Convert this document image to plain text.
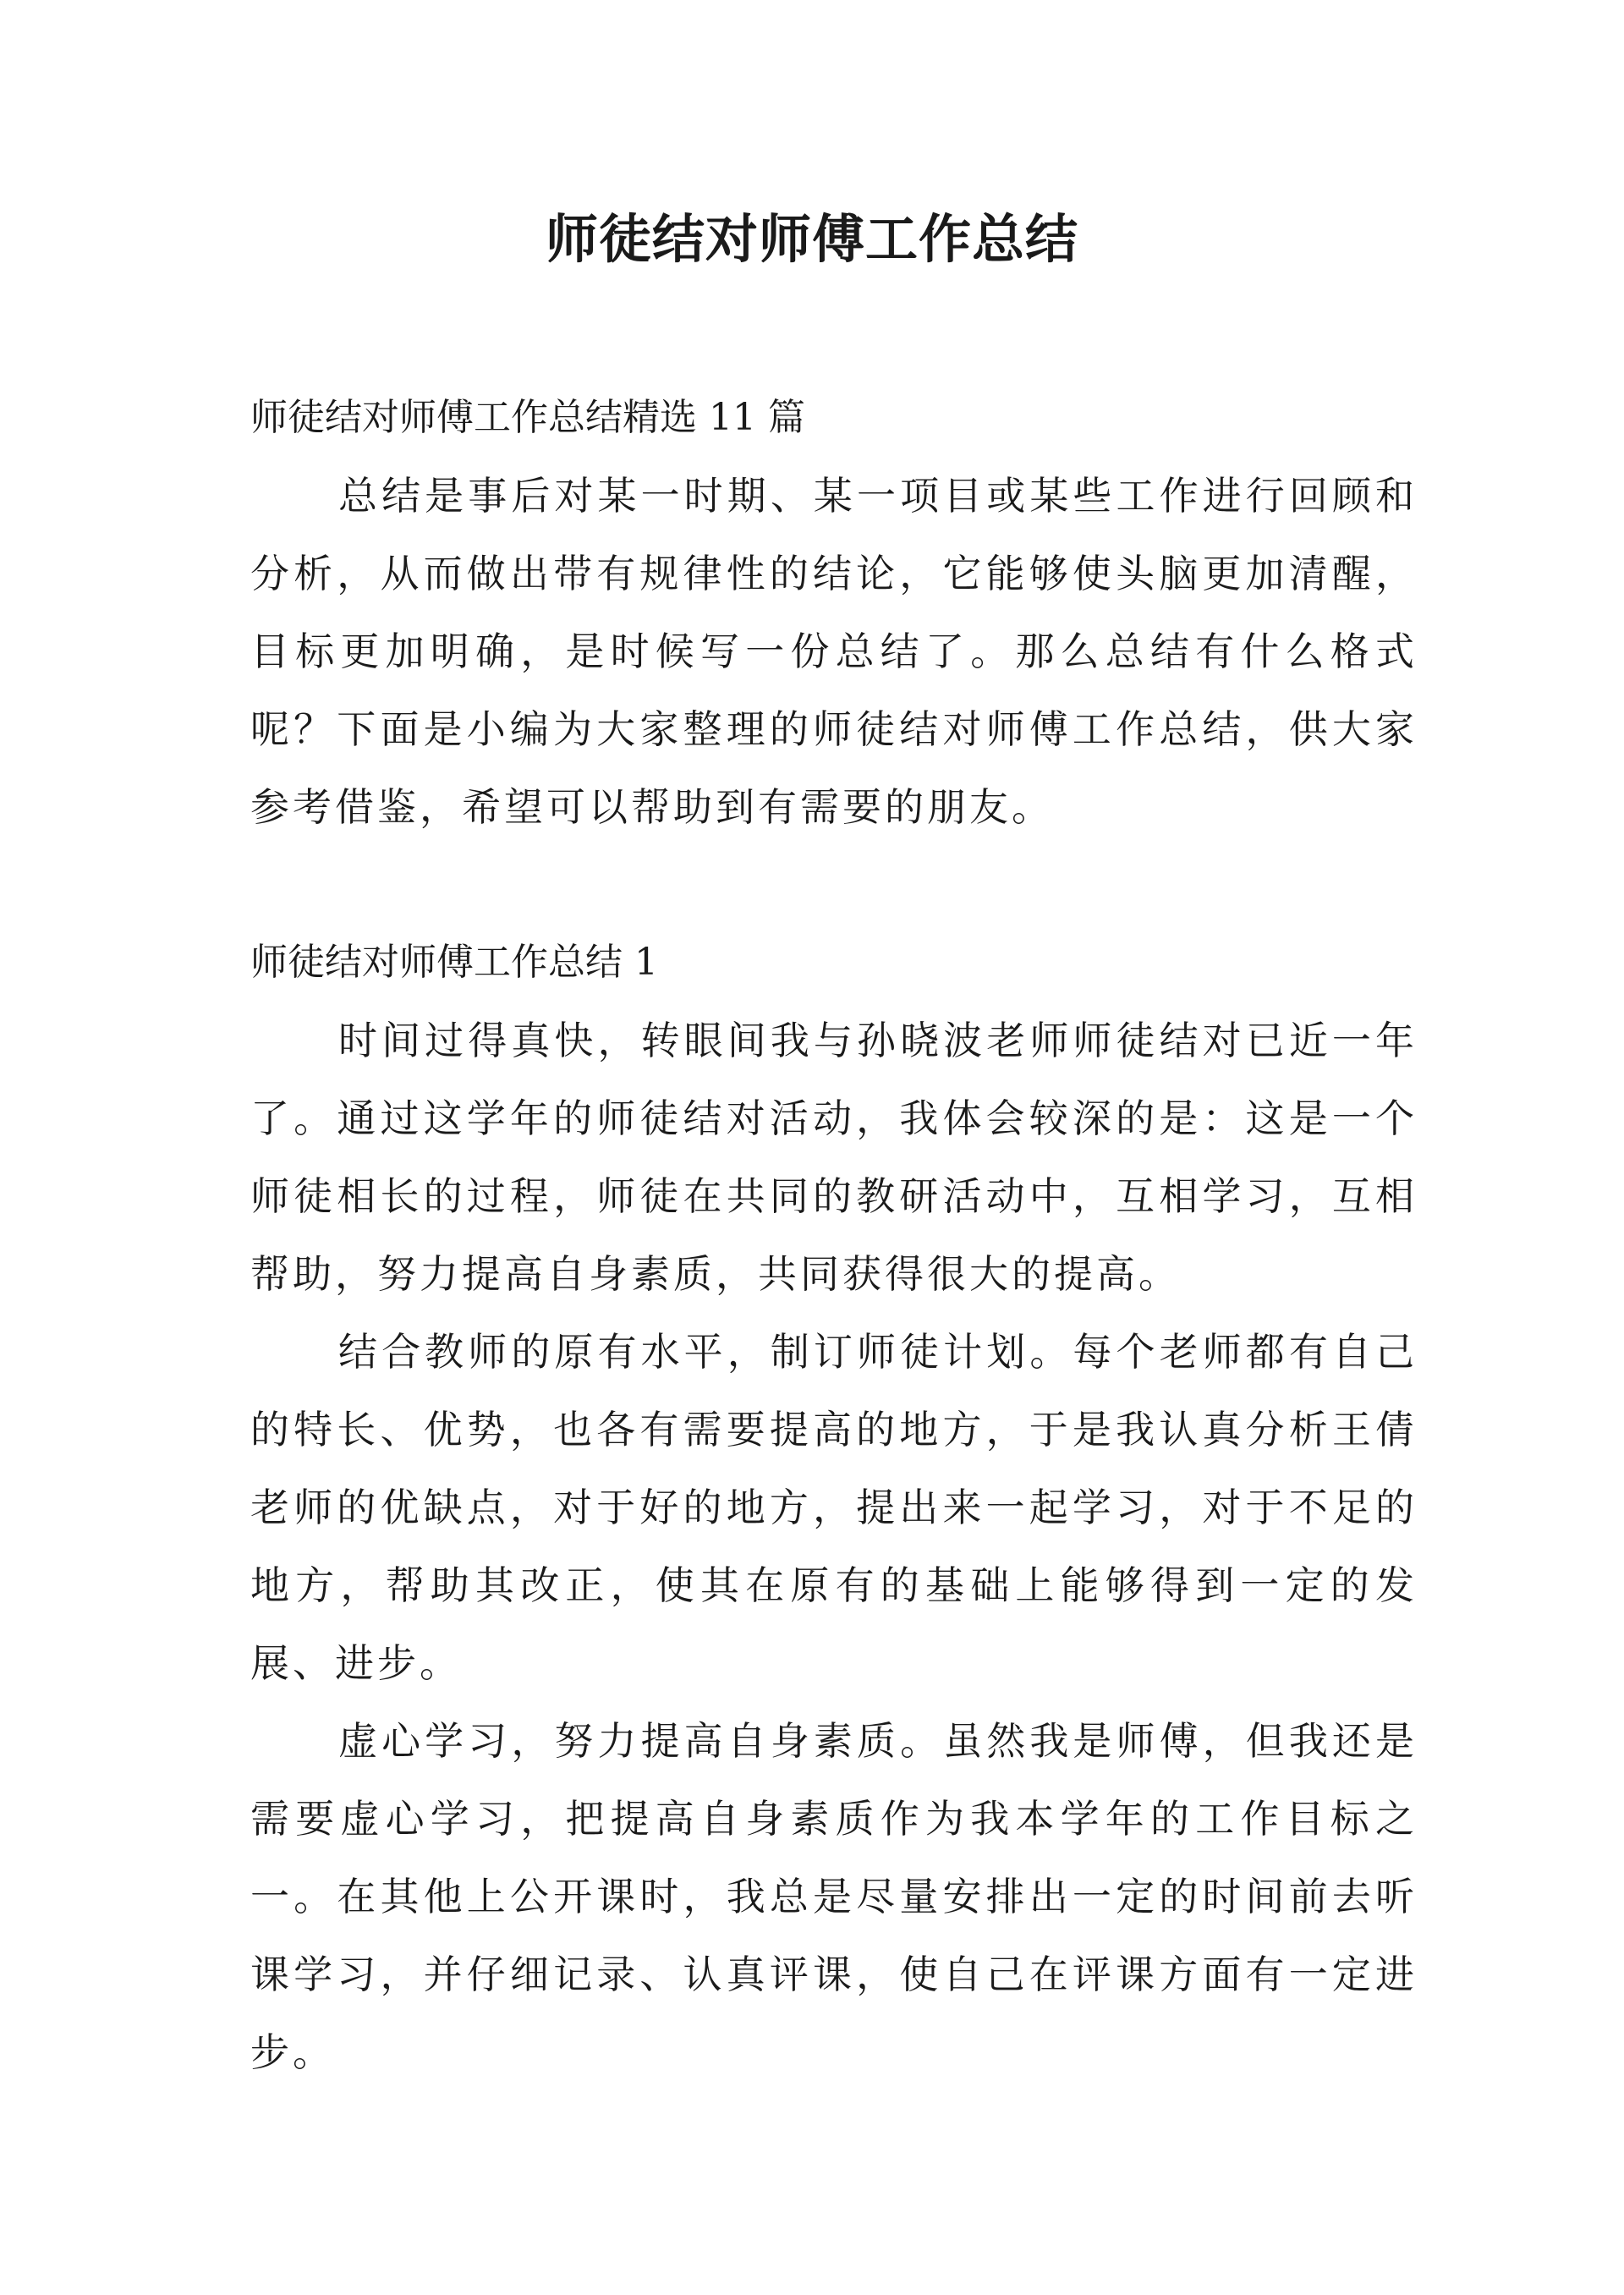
师徒结对师傅工作总结

师徒结对师傅工作总结精选 11 篇

总结是事后对某一时期、某一项目或某些工作进行回顾和分析，从而做出带有规律性的结论，它能够使头脑更加清醒，目标更加明确，是时候写一份总结了。那么总结有什么格式呢？下面是小编为大家整理的师徒结对师傅工作总结，供大家参考借鉴，希望可以帮助到有需要的朋友。

师徒结对师傅工作总结 1

时间过得真快，转眼间我与孙晓波老师师徒结对已近一年了。通过这学年的师徒结对活动，我体会较深的是：这是一个师徒相长的过程，师徒在共同的教研活动中，互相学习，互相帮助，努力提高自身素质，共同获得很大的提高。

结合教师的原有水平，制订师徒计划。每个老师都有自己的特长、优势，也各有需要提高的地方，于是我认真分析王倩老师的优缺点，对于好的地方，提出来一起学习，对于不足的地方，帮助其改正，使其在原有的基础上能够得到一定的发展、进步。

虚心学习，努力提高自身素质。虽然我是师傅，但我还是需要虚心学习，把提高自身素质作为我本学年的工作目标之一。在其他上公开课时，我总是尽量安排出一定的时间前去听课学习，并仔细记录、认真评课，使自己在评课方面有一定进步。
